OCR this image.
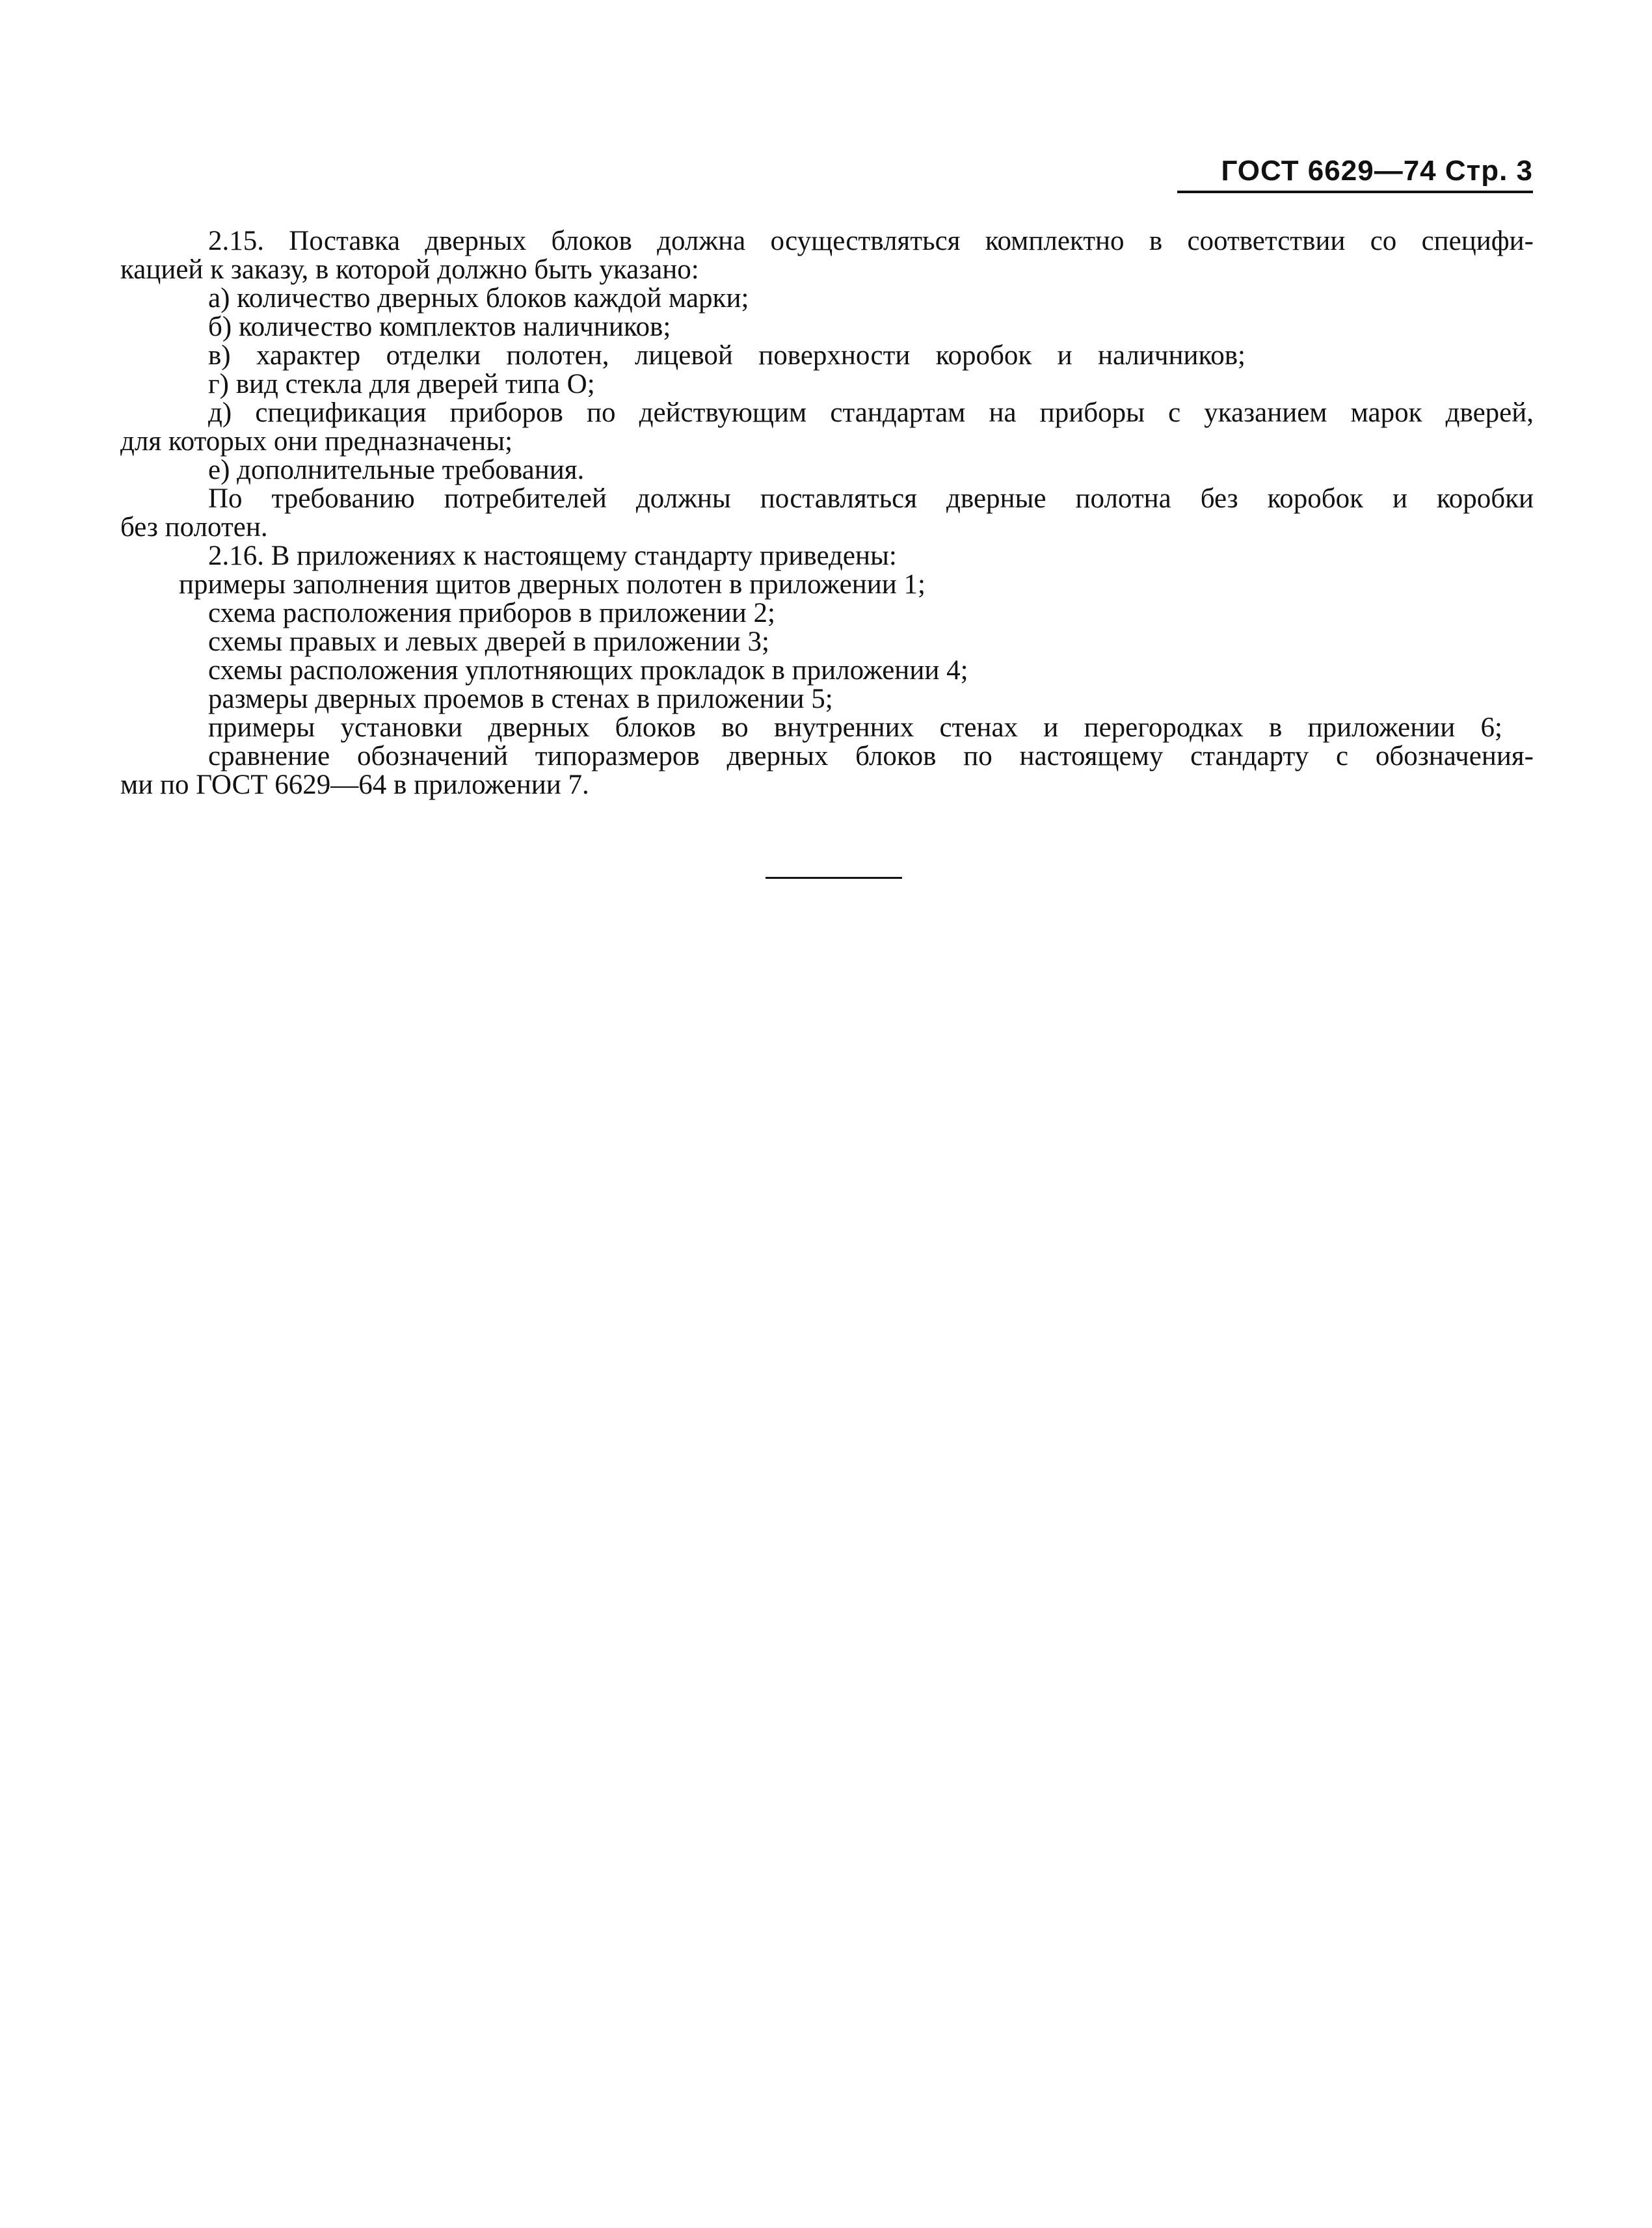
ГОСТ 6629—74 Стр. 3
2.15. Поставка дверных блоков должна осуществляться комплектно в соответствии со специфи-
кацией к заказу, в которой должно быть указано:
а) количество дверных блоков каждой марки;
б) количество комплектов наличников;
в) характер отделки полотен, лицевой поверхности коробок и наличников;
г) вид стекла для дверей типа О;
д) спецификация приборов по действующим стандартам на приборы с указанием марок дверей,
для которых они предназначены;
е) дополнительные требования.
По требованию потребителей должны поставляться дверные полотна без коробок и коробки
без полотен.
2.16. В приложениях к настоящему стандарту приведены:
примеры заполнения щитов дверных полотен в приложении 1;
схема расположения приборов в приложении 2;
схемы правых и левых дверей в приложении 3;
схемы расположения уплотняющих прокладок в приложении 4;
размеры дверных проемов в стенах в приложении 5;
примеры установки дверных блоков во внутренних стенах и перегородках в приложении 6;
сравнение обозначений типоразмеров дверных блоков по настоящему стандарту с обозначения-
ми по ГОСТ 6629—64 в приложении 7.
